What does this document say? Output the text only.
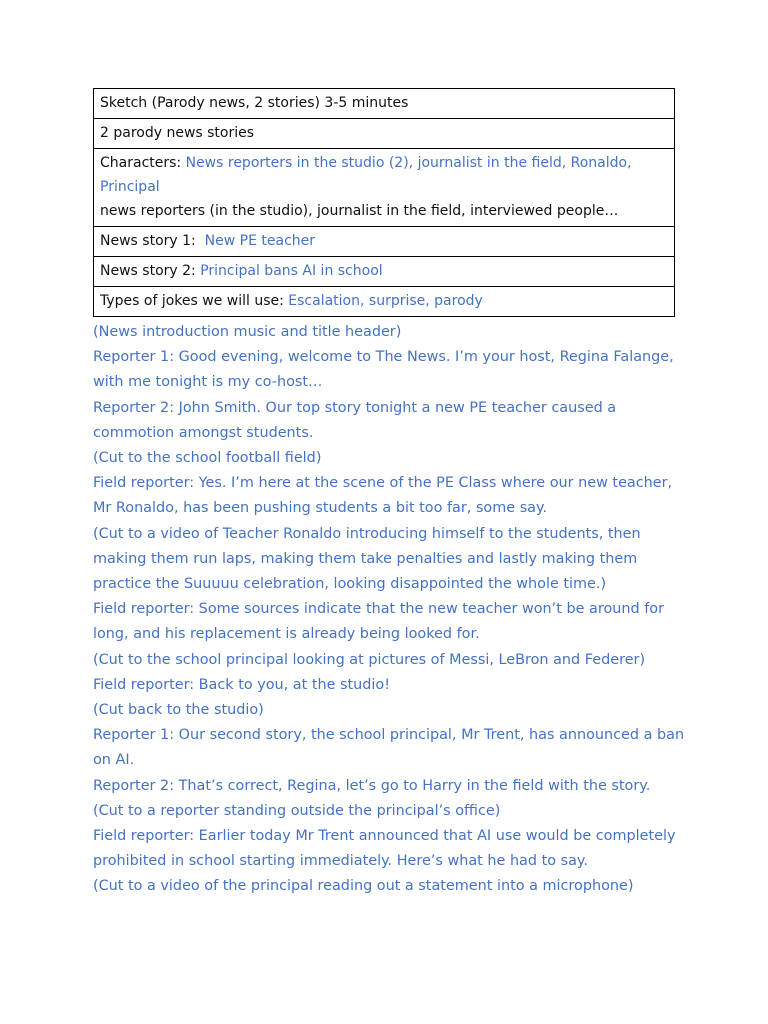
Sketch (Parody news, 2 stories) 3-5 minutes
2 parody news stories
Characters: News reporters in the studio (2), journalist in the field, Ronaldo, Principal
news reporters (in the studio), journalist in the field, interviewed people…
News story 1:  New PE teacher
News story 2: Principal bans AI in school
Types of jokes we will use: Escalation, surprise, parody

(News introduction music and title header)

Reporter 1: Good evening, welcome to The News. I’m your host, Regina Falange, with me tonight is my co-host…

Reporter 2: John Smith. Our top story tonight a new PE teacher caused a commotion amongst students.

(Cut to the school football field)

Field reporter: Yes. I’m here at the scene of the PE Class where our new teacher, Mr Ronaldo, has been pushing students a bit too far, some say.

(Cut to a video of Teacher Ronaldo introducing himself to the students, then making them run laps, making them take penalties and lastly making them practice the Suuuuu celebration, looking disappointed the whole time.)

Field reporter: Some sources indicate that the new teacher won’t be around for long, and his replacement is already being looked for.

(Cut to the school principal looking at pictures of Messi, LeBron and Federer)

Field reporter: Back to you, at the studio!

(Cut back to the studio)

Reporter 1: Our second story, the school principal, Mr Trent, has announced a ban on AI.

Reporter 2: That’s correct, Regina, let’s go to Harry in the field with the story.

(Cut to a reporter standing outside the principal’s office)

Field reporter: Earlier today Mr Trent announced that AI use would be completely prohibited in school starting immediately. Here’s what he had to say.

(Cut to a video of the principal reading out a statement into a microphone)
